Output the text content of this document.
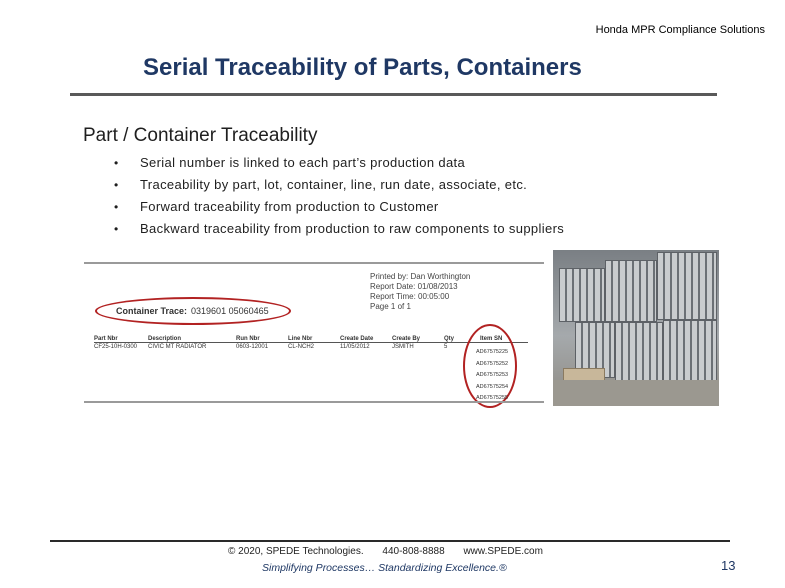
Honda MPR Compliance Solutions
Serial Traceability of Parts, Containers
Part / Container Traceability
• Serial number is linked to each part’s production data
• Traceability by part, lot, container, line, run date, associate, etc.
• Forward traceability from production to Customer
• Backward traceability from production to raw components to suppliers
Printed by: Dan Worthington
Report Date: 01/08/2013
Report Time: 00:05:00
Page 1 of 1
Container Trace: 0319601 05060465
Part Nbr	Description	Run Nbr	Line Nbr	Create Date	Create By	Qty	Item SN
CF25-10H-0300	CIVIC MT RADIATOR	0603-12001	CL-NCH2	11/05/2012	JSMITH	5	
AD67575225
AD67575252
AD67575253
AD67575254
AD67575255
© 2020, SPEDE Technologies. 440-808-8888 www.SPEDE.com
Simplifying Processes… Standardizing Excellence.®	13
